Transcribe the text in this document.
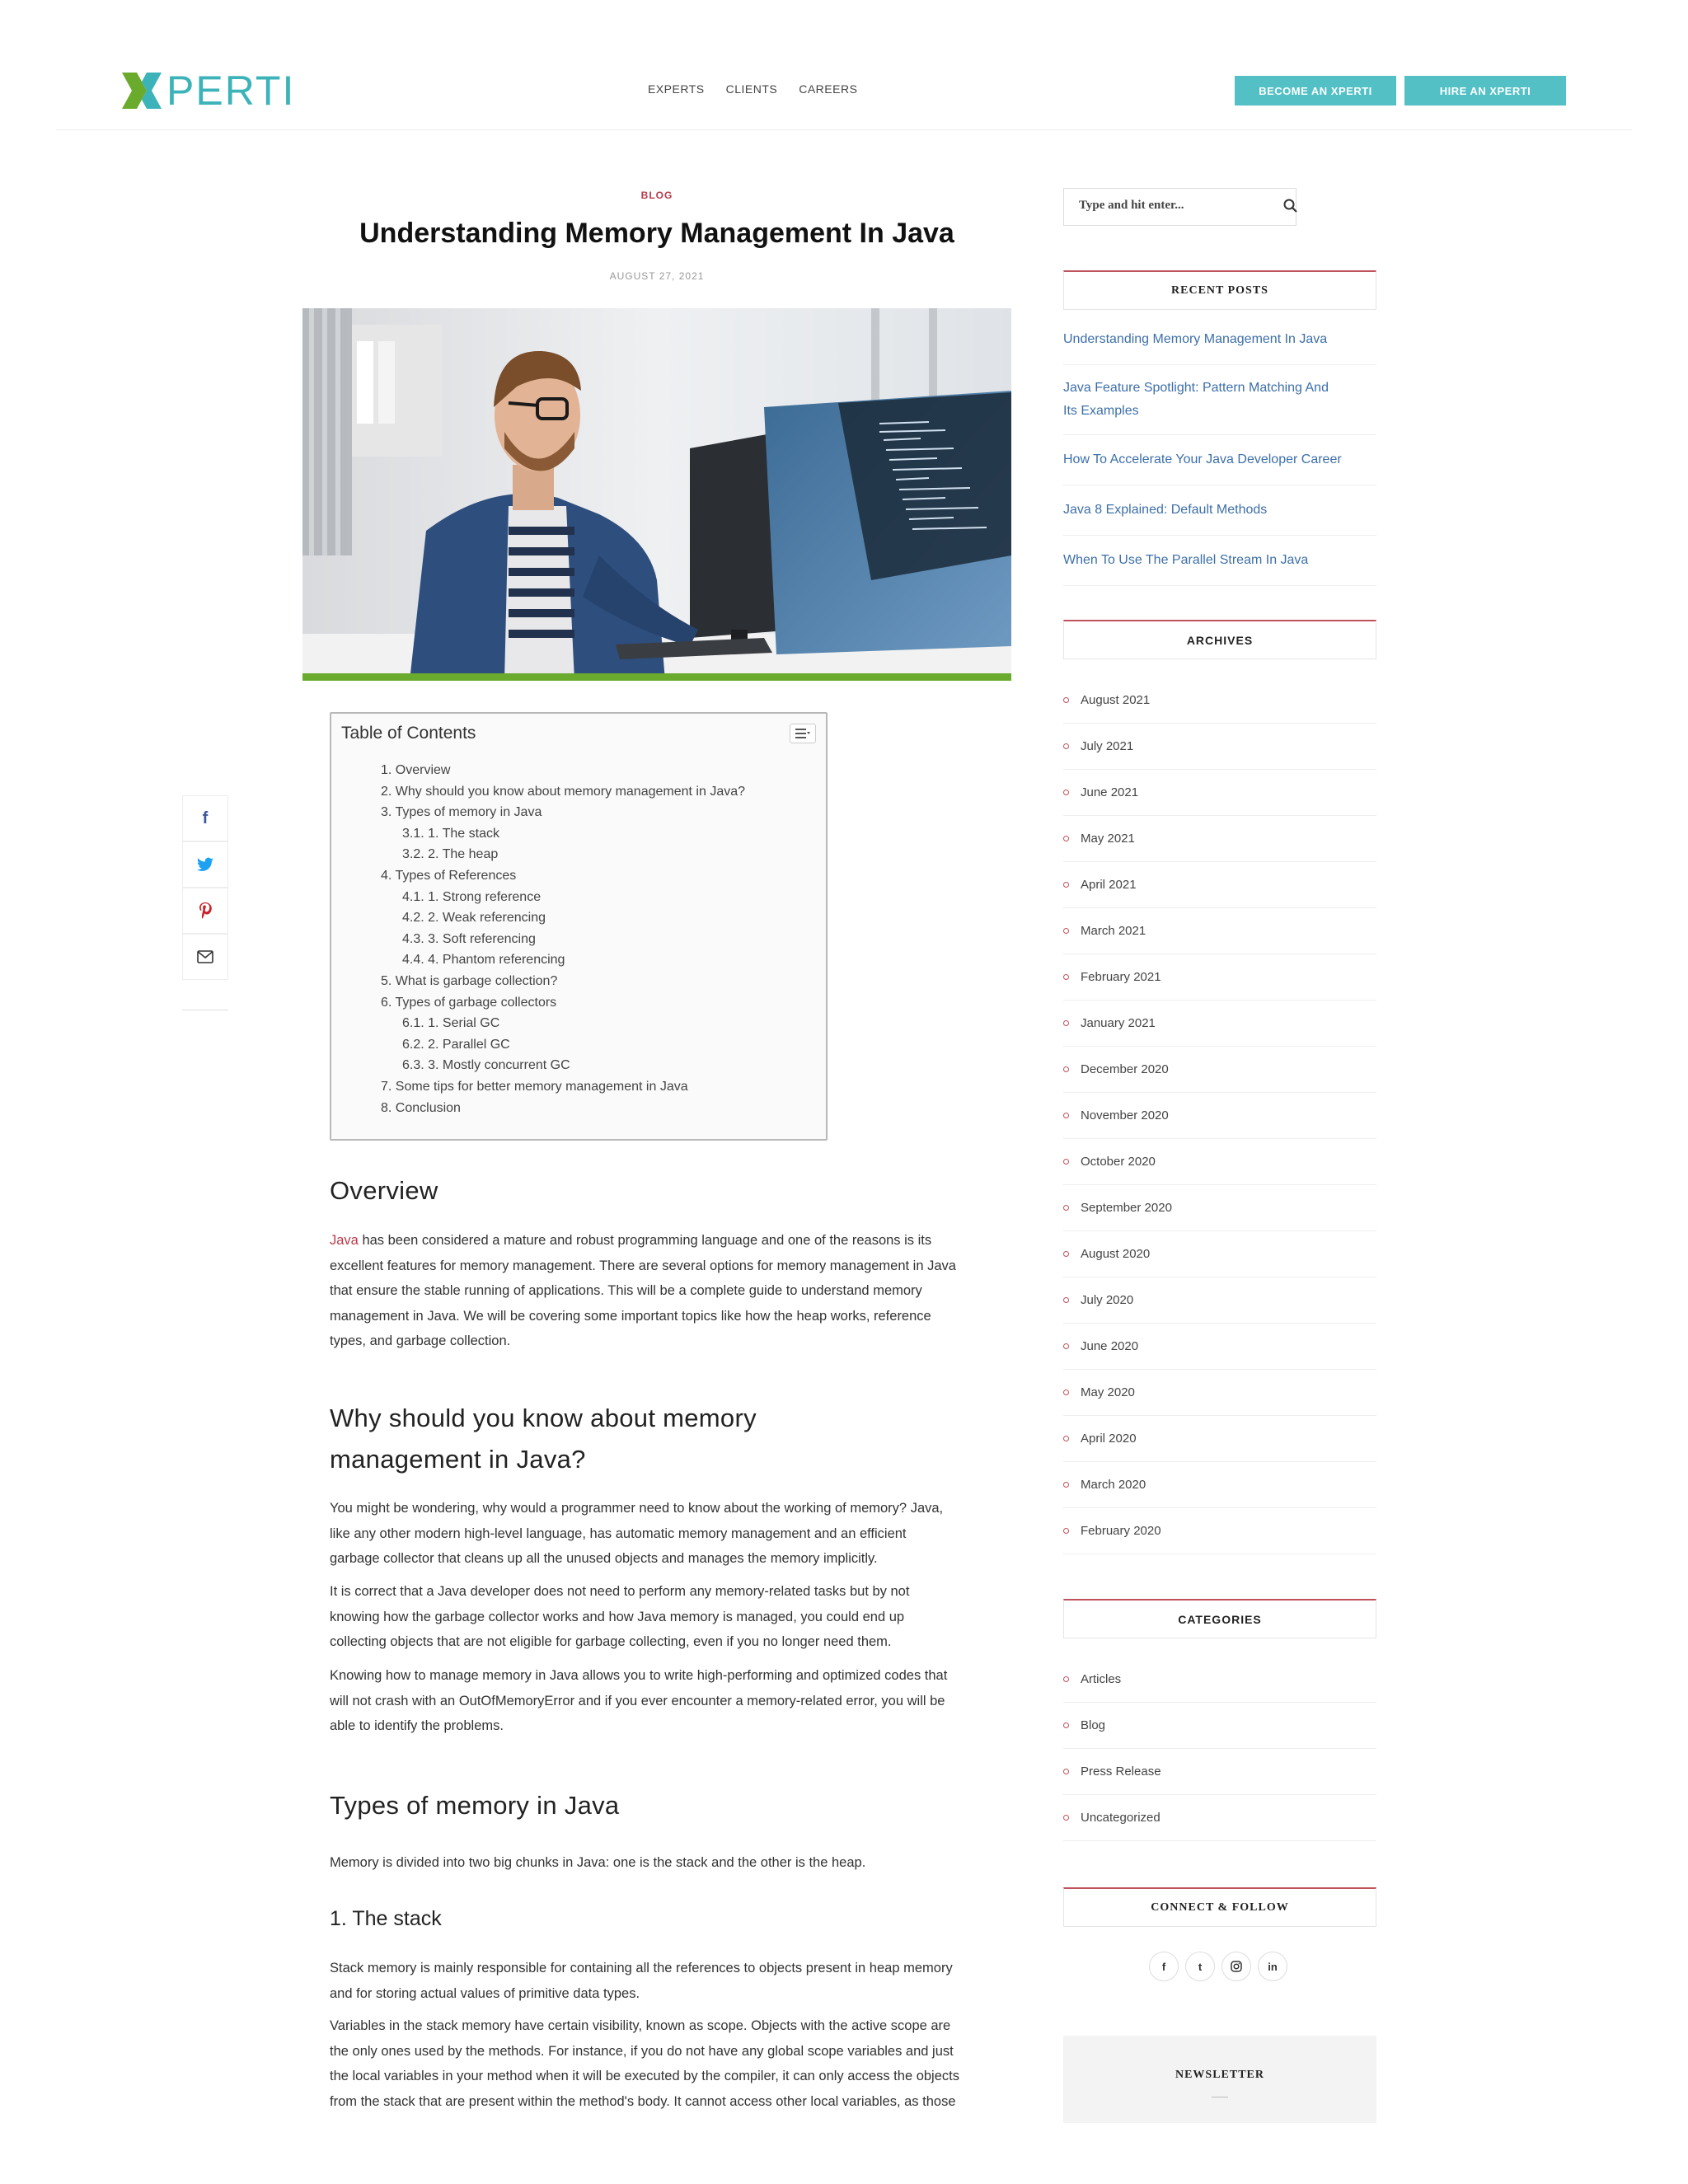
PERTI	EXPERTS CLIENTS CAREERS	BECOME AN XPERTI	HIRE AN XPERTI
f
BLOG
Understanding Memory Management In Java
AUGUST 27, 2021
Table of Contents
1. Overview
2. Why should you know about memory management in Java?
3. Types of memory in Java
3.1. 1. The stack
3.2. 2. The heap
4. Types of References
4.1. 1. Strong reference
4.2. 2. Weak referencing
4.3. 3. Soft referencing
4.4. 4. Phantom referencing
5. What is garbage collection?
6. Types of garbage collectors
6.1. 1. Serial GC
6.2. 2. Parallel GC
6.3. 3. Mostly concurrent GC
7. Some tips for better memory management in Java
8. Conclusion
Overview
Java has been considered a mature and robust programming language and one of the reasons is its
excellent features for memory management. There are several options for memory management in Java
that ensure the stable running of applications. This will be a complete guide to understand memory
management in Java. We will be covering some important topics like how the heap works, reference
types, and garbage collection.
Why should you know about memory
management in Java?
You might be wondering, why would a programmer need to know about the working of memory? Java,
like any other modern high-level language, has automatic memory management and an efficient
garbage collector that cleans up all the unused objects and manages the memory implicitly.
It is correct that a Java developer does not need to perform any memory-related tasks but by not
knowing how the garbage collector works and how Java memory is managed, you could end up
collecting objects that are not eligible for garbage collecting, even if you no longer need them.
Knowing how to manage memory in Java allows you to write high-performing and optimized codes that
will not crash with an OutOfMemoryError and if you ever encounter a memory-related error, you will be
able to identify the problems.
Types of memory in Java
Memory is divided into two big chunks in Java: one is the stack and the other is the heap.
1. The stack
Stack memory is mainly responsible for containing all the references to objects present in heap memory
and for storing actual values of primitive data types.
Variables in the stack memory have certain visibility, known as scope. Objects with the active scope are
the only ones used by the methods. For instance, if you do not have any global scope variables and just
the local variables in your method when it will be executed by the compiler, it can only access the objects
from the stack that are present within the method's body. It cannot access other local variables, as those
Type and hit enter...
RECENT POSTS
Understanding Memory Management In Java
Java Feature Spotlight: Pattern Matching And
Its Examples
How To Accelerate Your Java Developer Career
Java 8 Explained: Default Methods
When To Use The Parallel Stream In Java
ARCHIVES
August 2021
July 2021
June 2021
May 2021
April 2021
March 2021
February 2021
January 2021
December 2020
November 2020
October 2020
September 2020
August 2020
July 2020
June 2020
May 2020
April 2020
March 2020
February 2020
CATEGORIES
Articles
Blog
Press Release
Uncategorized
CONNECT & FOLLOW
f	t	in
NEWSLETTER
